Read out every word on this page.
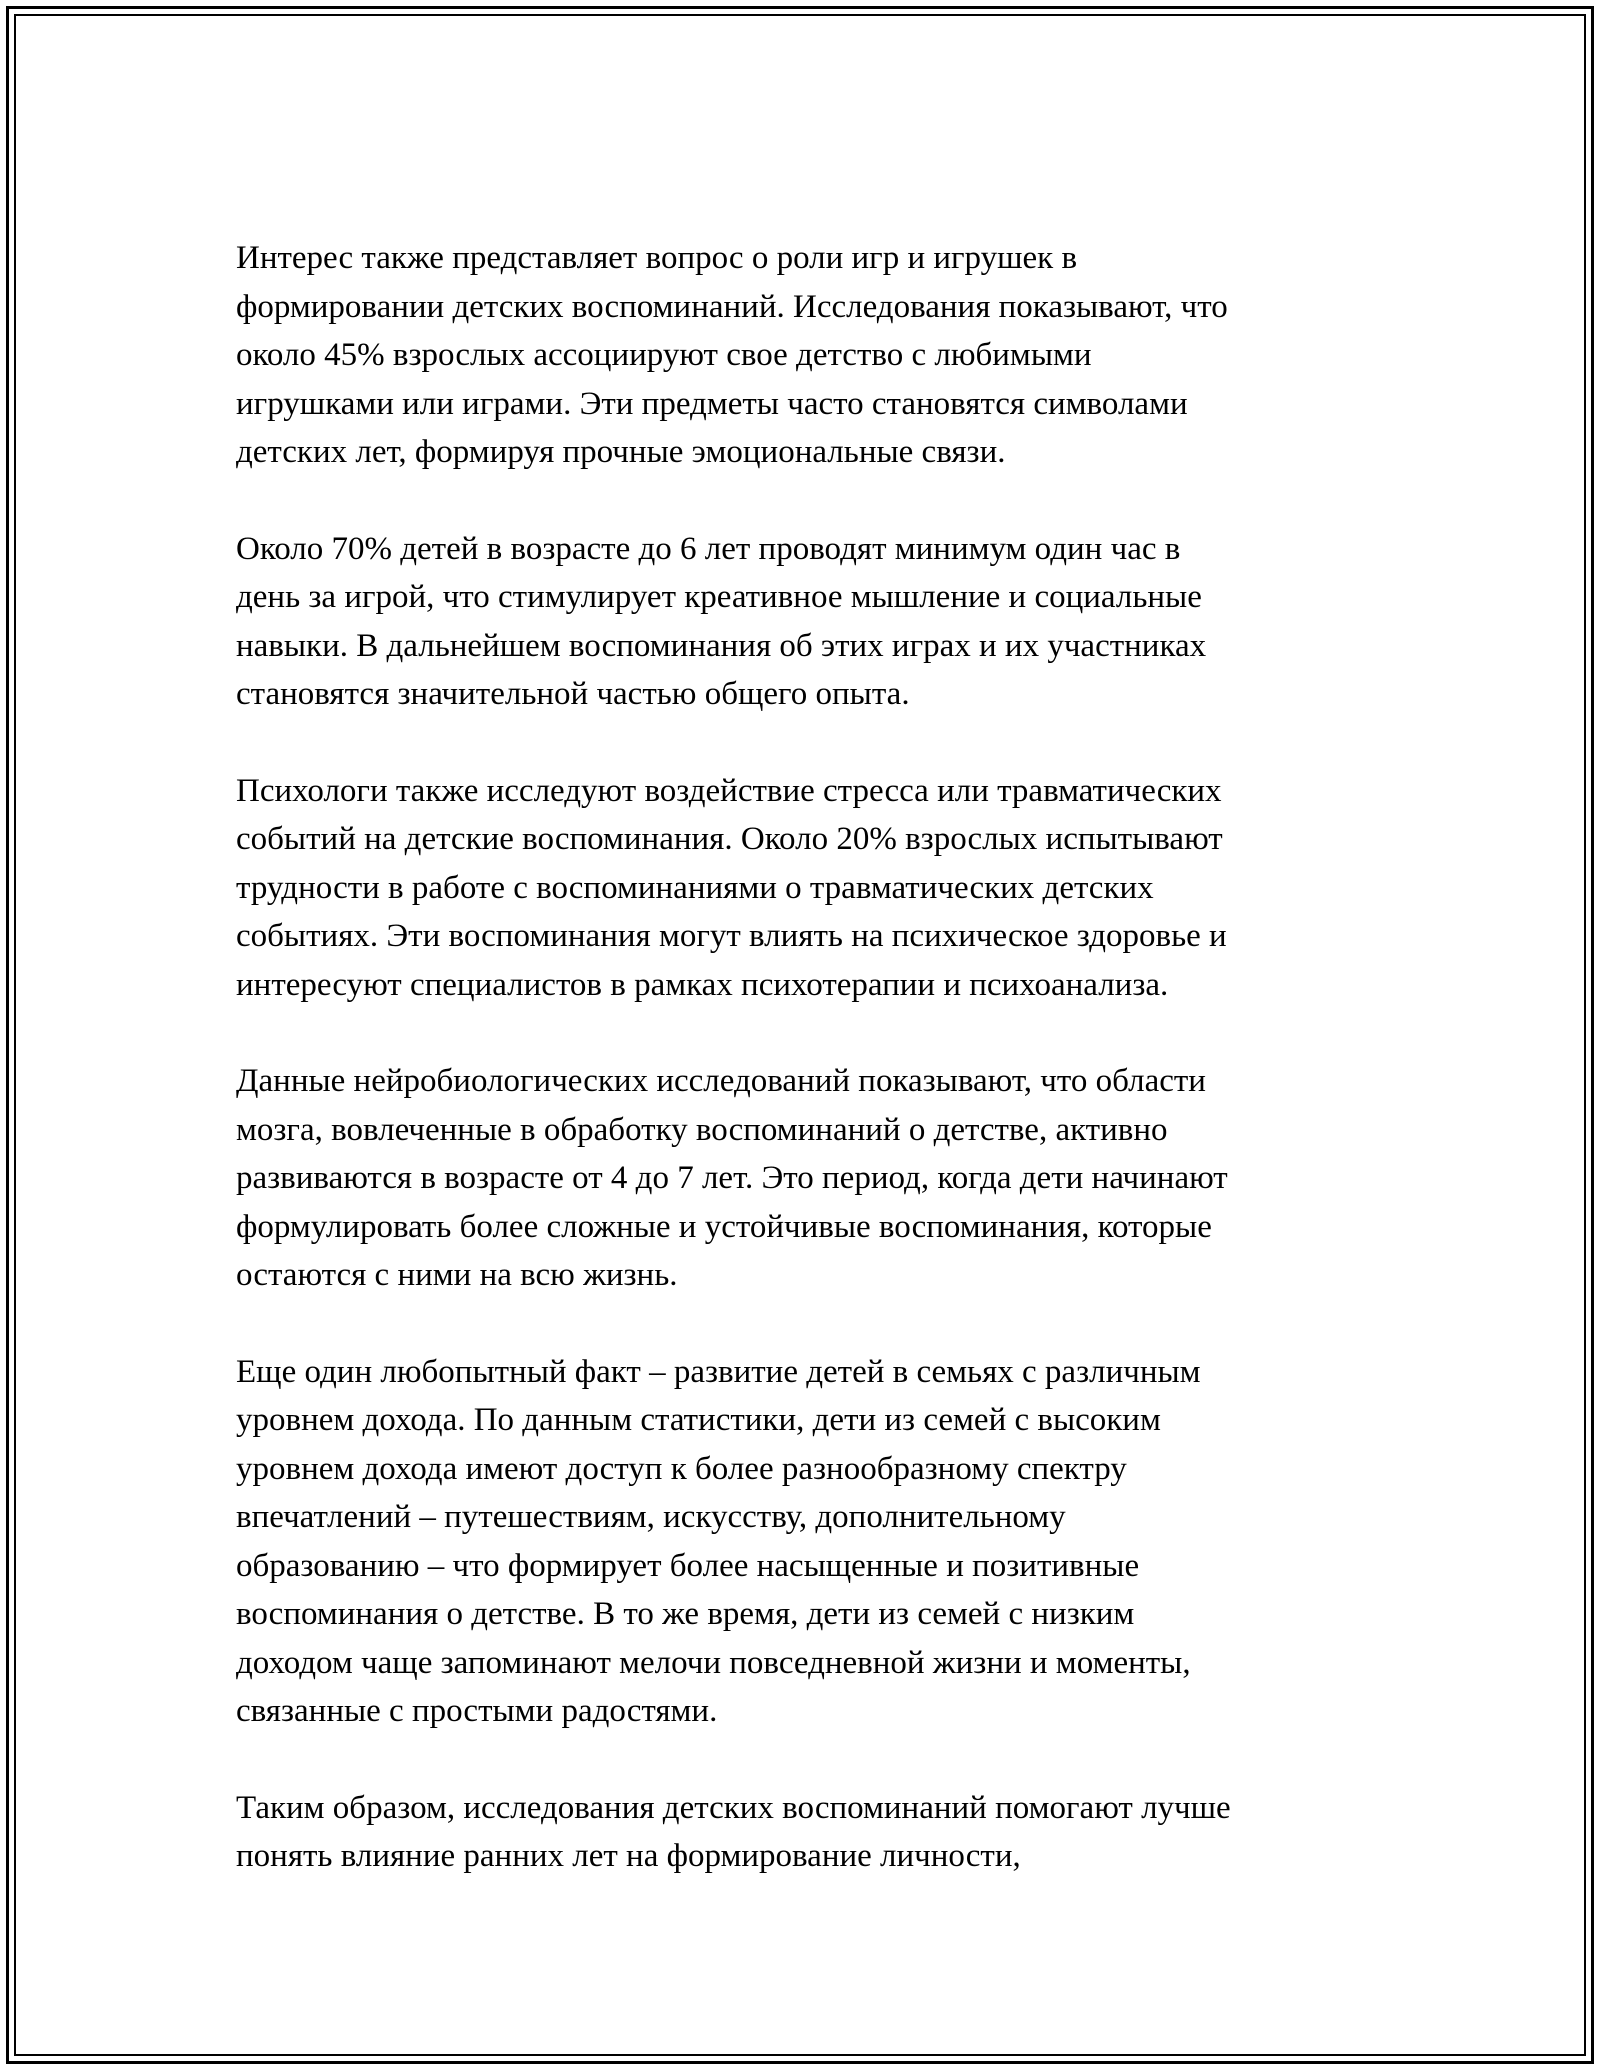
Интерес также представляет вопрос о роли игр и игрушек в
формировании детских воспоминаний. Исследования показывают, что
около 45% взрослых ассоциируют свое детство с любимыми
игрушками или играми. Эти предметы часто становятся символами
детских лет, формируя прочные эмоциональные связи.

Около 70% детей в возрасте до 6 лет проводят минимум один час в
день за игрой, что стимулирует креативное мышление и социальные
навыки. В дальнейшем воспоминания об этих играх и их участниках
становятся значительной частью общего опыта.

Психологи также исследуют воздействие стресса или травматических
событий на детские воспоминания. Около 20% взрослых испытывают
трудности в работе с воспоминаниями о травматических детских
событиях. Эти воспоминания могут влиять на психическое здоровье и
интересуют специалистов в рамках психотерапии и психоанализа.

Данные нейробиологических исследований показывают, что области
мозга, вовлеченные в обработку воспоминаний о детстве, активно
развиваются в возрасте от 4 до 7 лет. Это период, когда дети начинают
формулировать более сложные и устойчивые воспоминания, которые
остаются с ними на всю жизнь.

Еще один любопытный факт – развитие детей в семьях с различным
уровнем дохода. По данным статистики, дети из семей с высоким
уровнем дохода имеют доступ к более разнообразному спектру
впечатлений – путешествиям, искусству, дополнительному
образованию – что формирует более насыщенные и позитивные
воспоминания о детстве. В то же время, дети из семей с низким
доходом чаще запоминают мелочи повседневной жизни и моменты,
связанные с простыми радостями.

Таким образом, исследования детских воспоминаний помогают лучше
понять влияние ранних лет на формирование личности,
